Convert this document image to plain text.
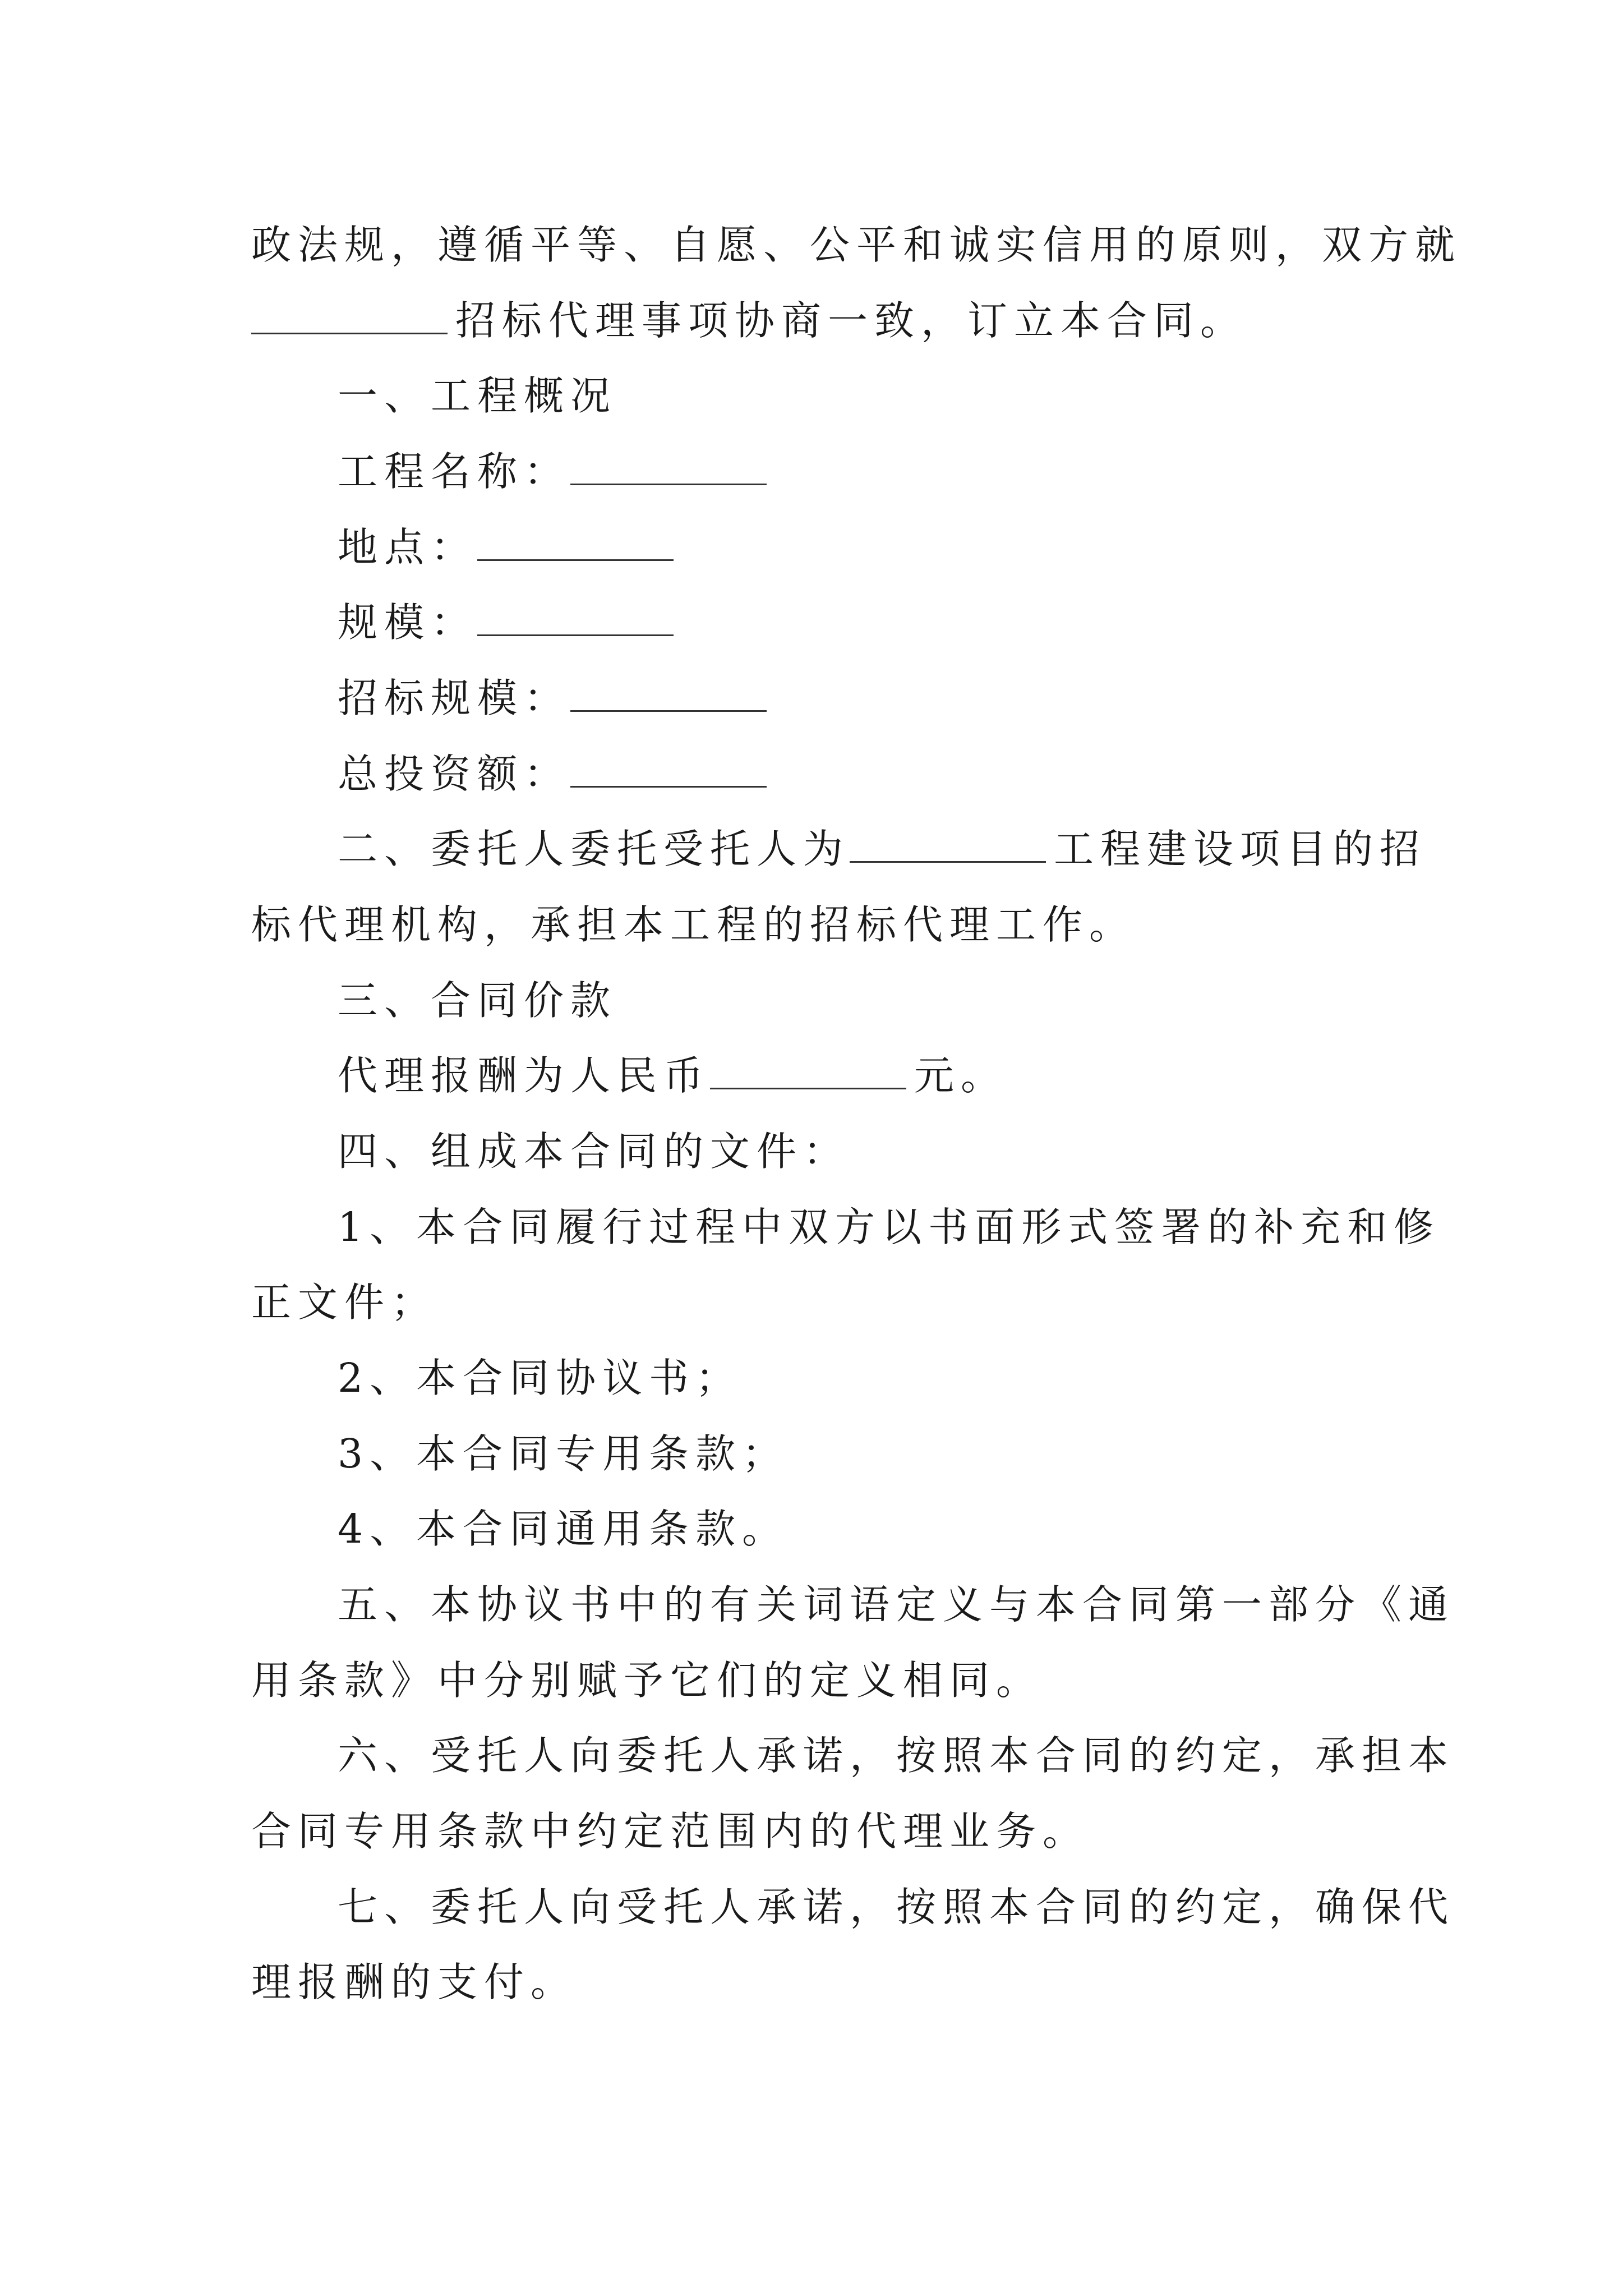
政法规，遵循平等、自愿、公平和诚实信用的原则，双方就
招标代理事项协商一致，订立本合同。
一、工程概况
工程名称：
地点：
规模：
招标规模：
总投资额：
二、委托人委托受托人为	工程建设项目的招
标代理机构，承担本工程的招标代理工作。
三、合同价款
代理报酬为人民币	元。
四、组成本合同的文件：
1、本合同履行过程中双方以书面形式签署的补充和修
正文件；
2、本合同协议书；
3、本合同专用条款；
4、本合同通用条款。
五、本协议书中的有关词语定义与本合同第一部分《通
用条款》中分别赋予它们的定义相同。
六、受托人向委托人承诺，按照本合同的约定，承担本
合同专用条款中约定范围内的代理业务。
七、委托人向受托人承诺，按照本合同的约定，确保代
理报酬的支付。
